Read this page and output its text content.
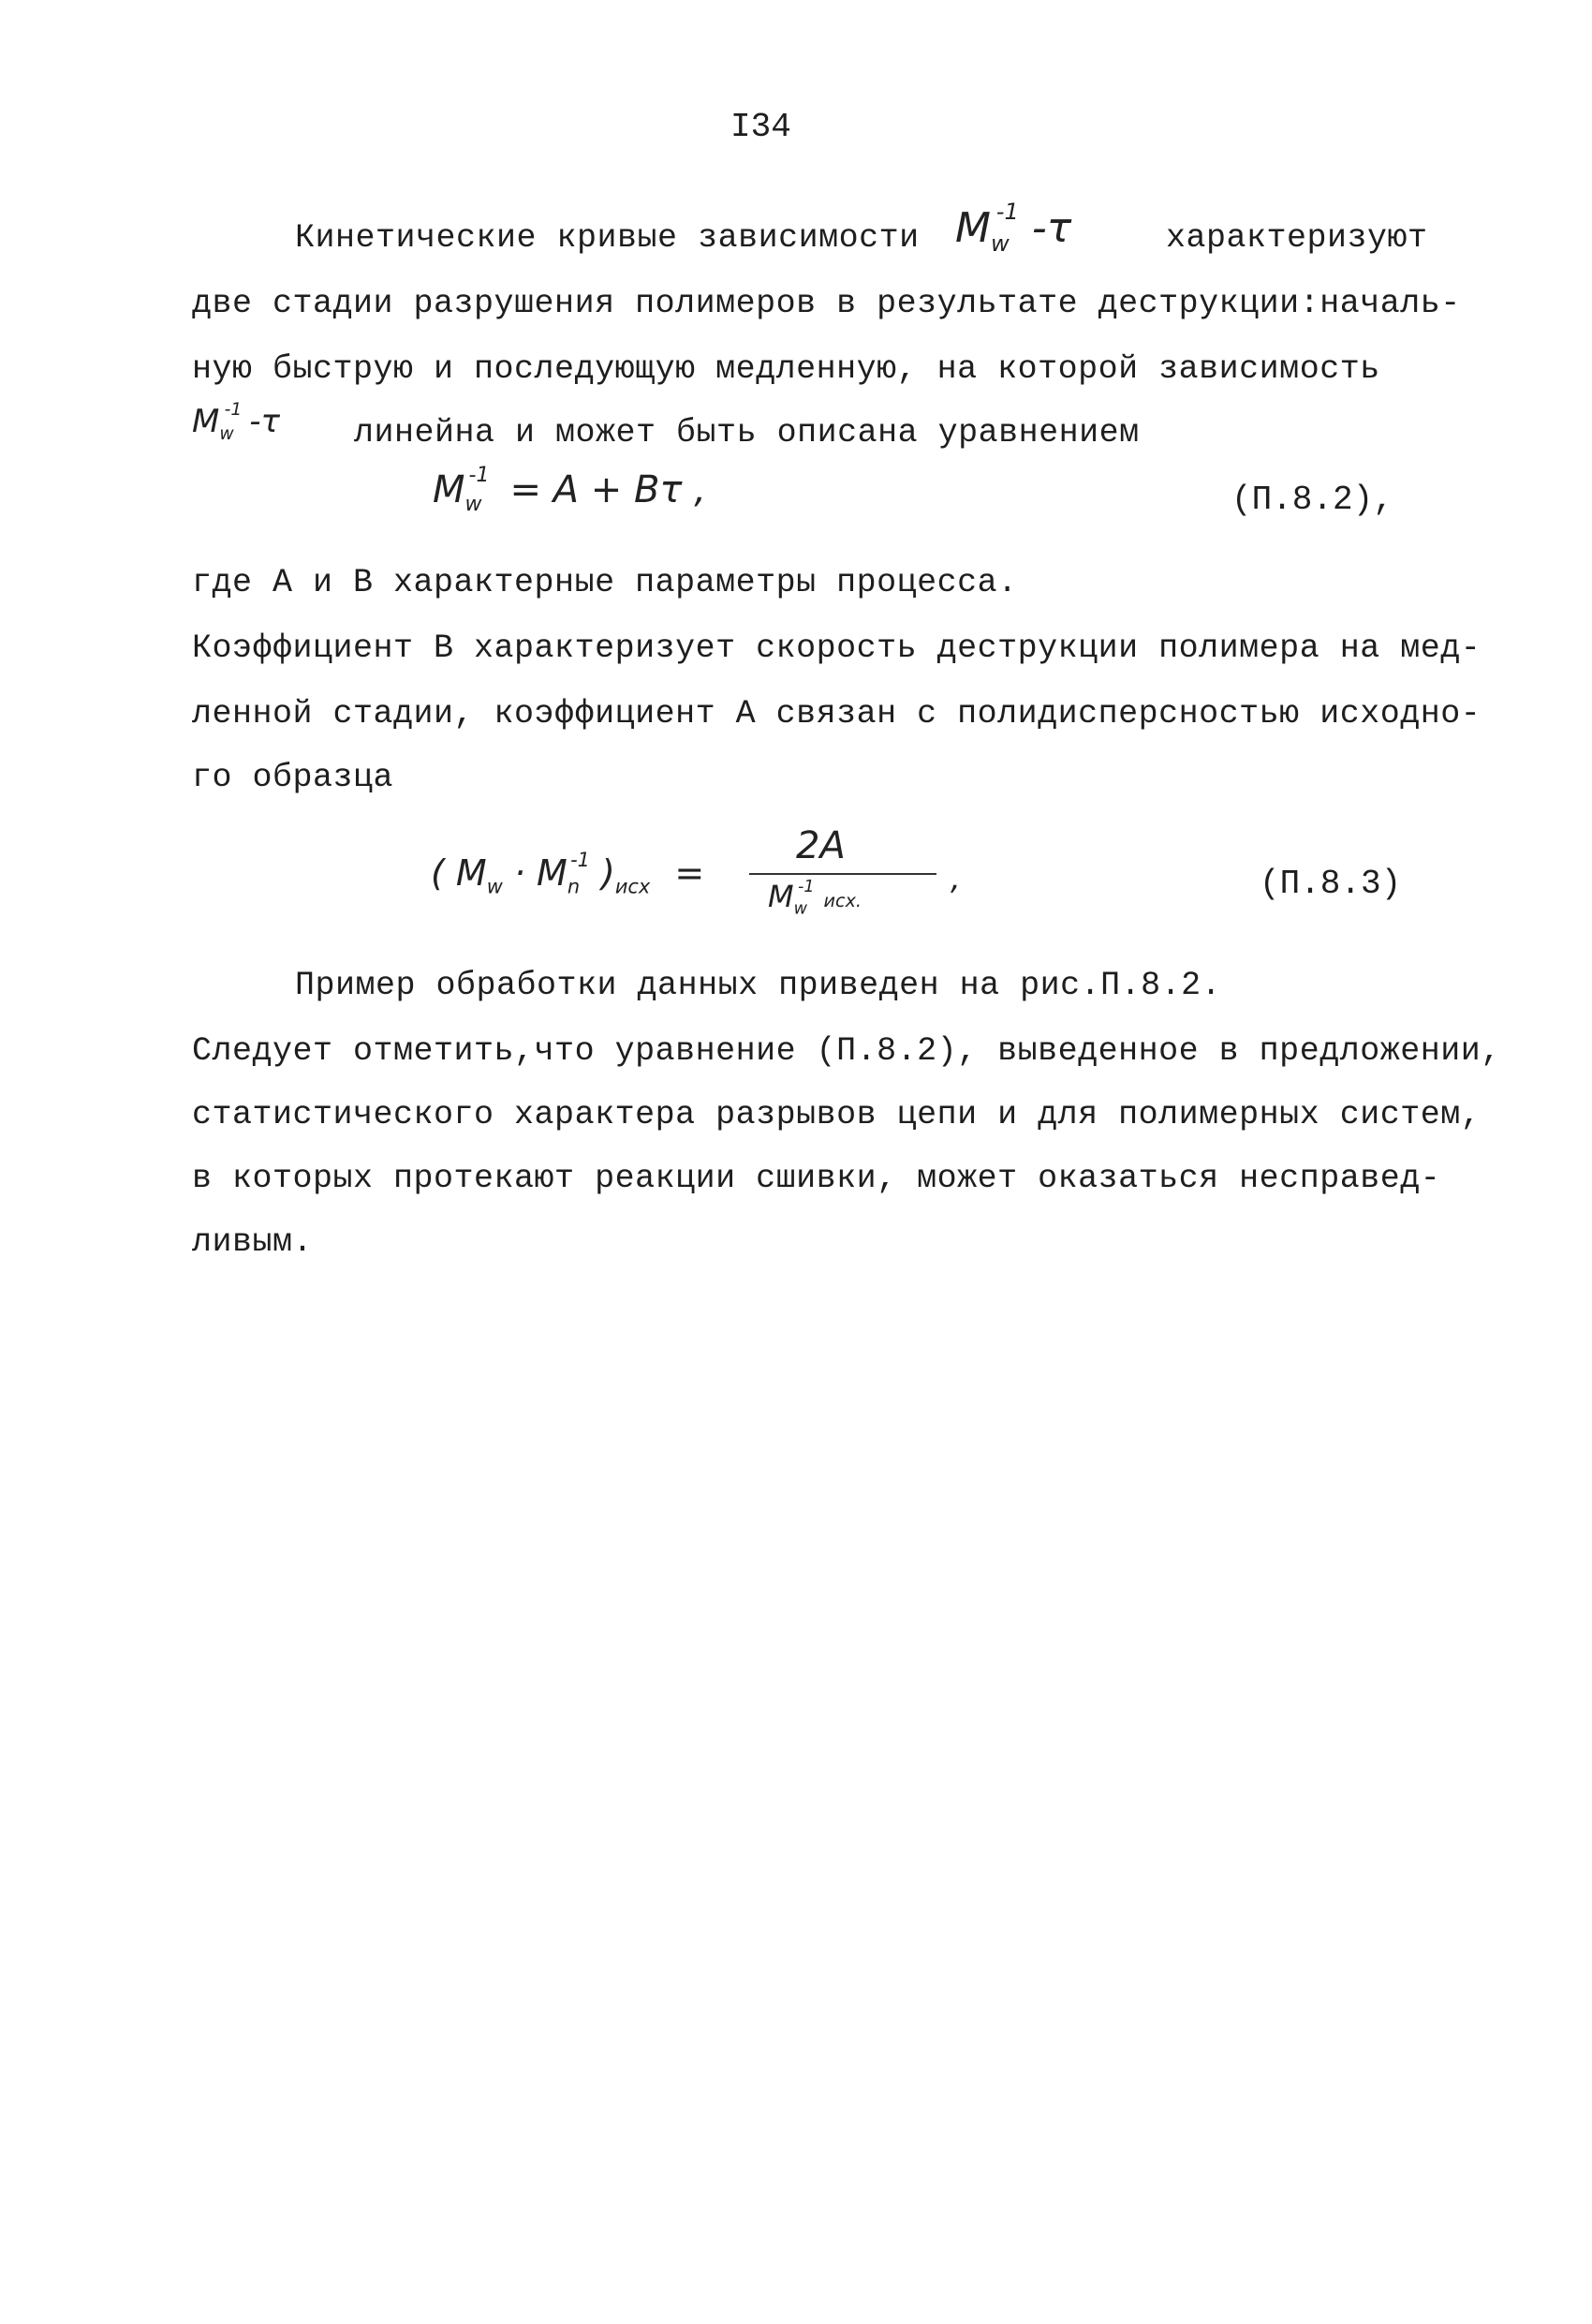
I34
Кинетические кривые зависимости $M_w^{-1}$ -τ	характеризуют
две стадии разрушения полимеров в результате деструкции:началь-
ную быструю и последующую медленную, на которой зависимость
$M_w^{-1}$ -τ линейна и может быть описана уравнением
$M_w^{-1} = A + B\tau$ ,	(П.8.2),
где A и B характерные параметры процесса.
Коэффициент B характеризует скорость деструкции полимера на мед-
ленной стадии, коэффициент A связан с полидисперсностью исходно-
го образца
( $M_w \cdot M_n^{-1}$ )$_{исх}$ =
2A
$M_w^{-1}исх$.
,	(П.8.3)
Пример обработки данных приведен на рис.П.8.2.
Следует отметить,что уравнение (П.8.2), выведенное в предложении,
статистического характера разрывов цепи и для полимерных систем,
в которых протекают реакции сшивки, может оказаться несправед-
ливым.
